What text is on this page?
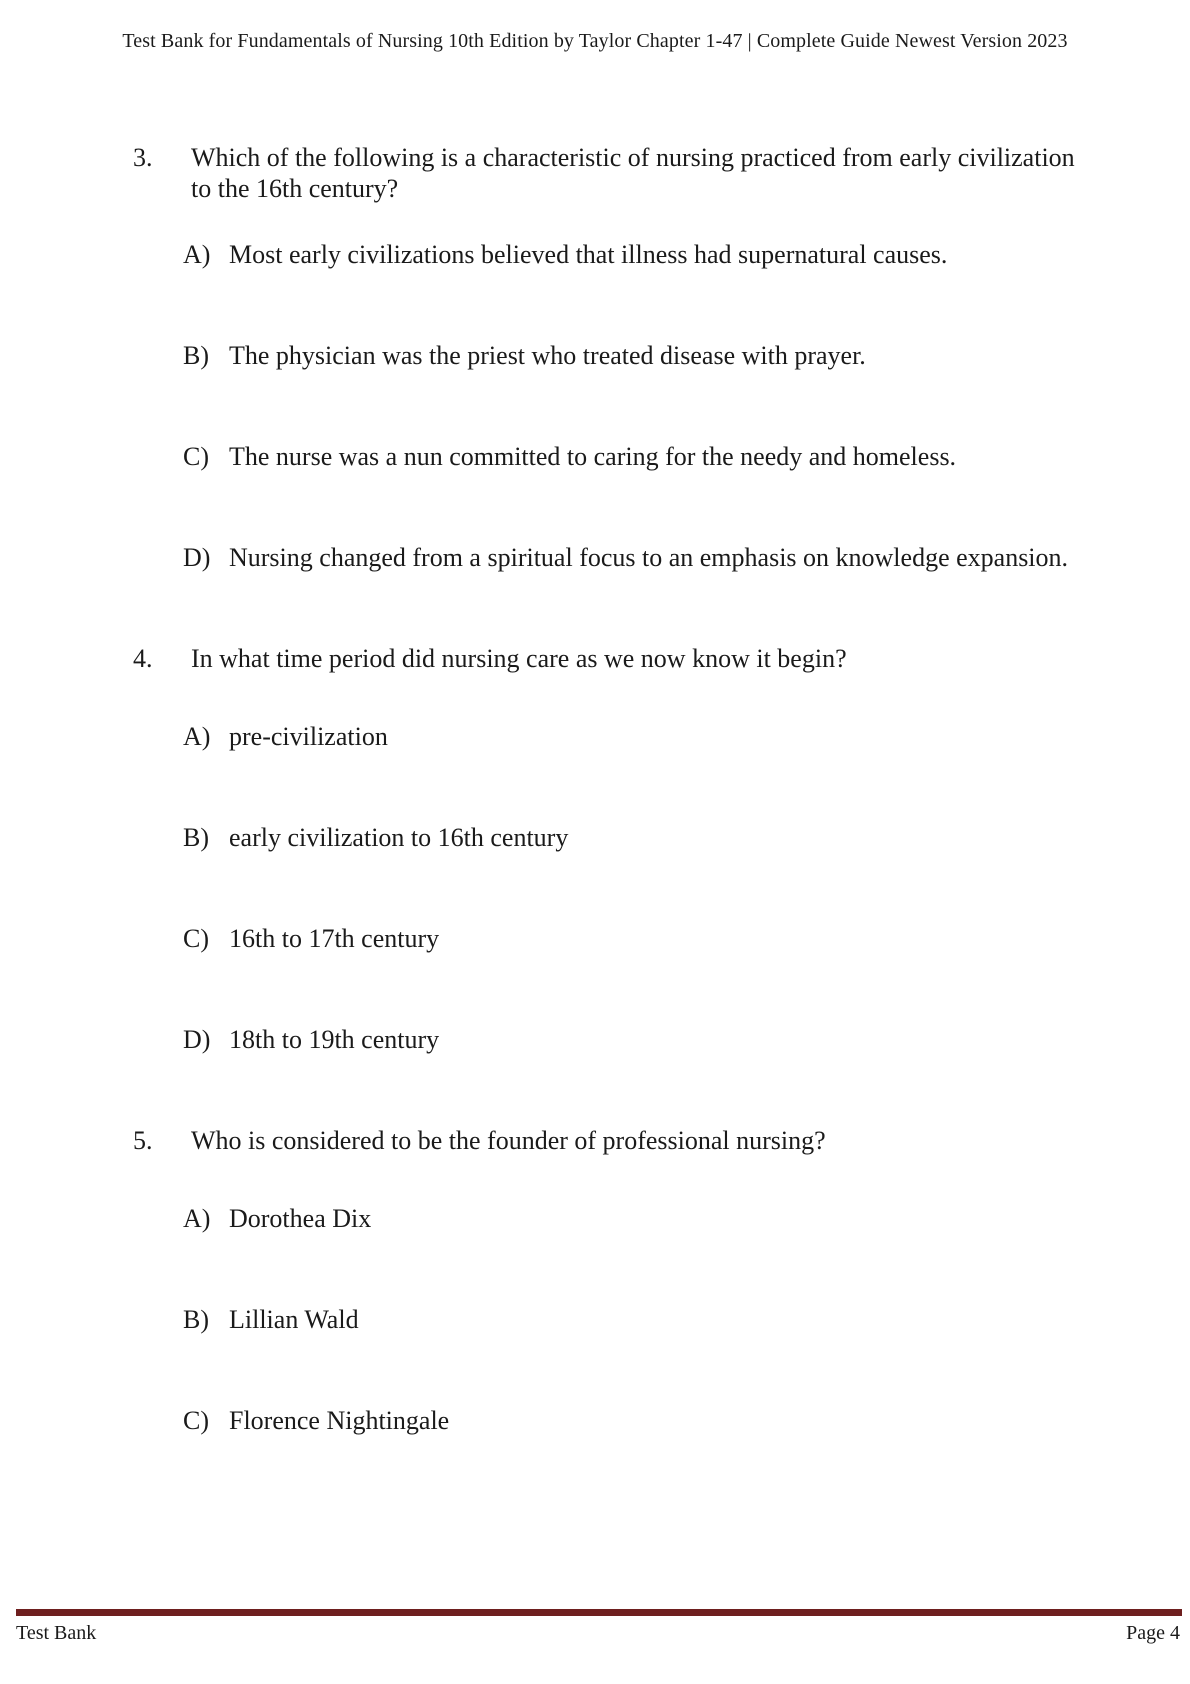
Test Bank for Fundamentals of Nursing 10th Edition by Taylor Chapter 1-47 | Complete Guide Newest Version 2023
3. Which of the following is a characteristic of nursing practiced from early civilization to the 16th century?
A) Most early civilizations believed that illness had supernatural causes.
B) The physician was the priest who treated disease with prayer.
C) The nurse was a nun committed to caring for the needy and homeless.
D) Nursing changed from a spiritual focus to an emphasis on knowledge expansion.
4. In what time period did nursing care as we now know it begin?
A) pre-civilization
B) early civilization to 16th century
C) 16th to 17th century
D) 18th to 19th century
5. Who is considered to be the founder of professional nursing?
A) Dorothea Dix
B) Lillian Wald
C) Florence Nightingale
Test Bank	Page 4
